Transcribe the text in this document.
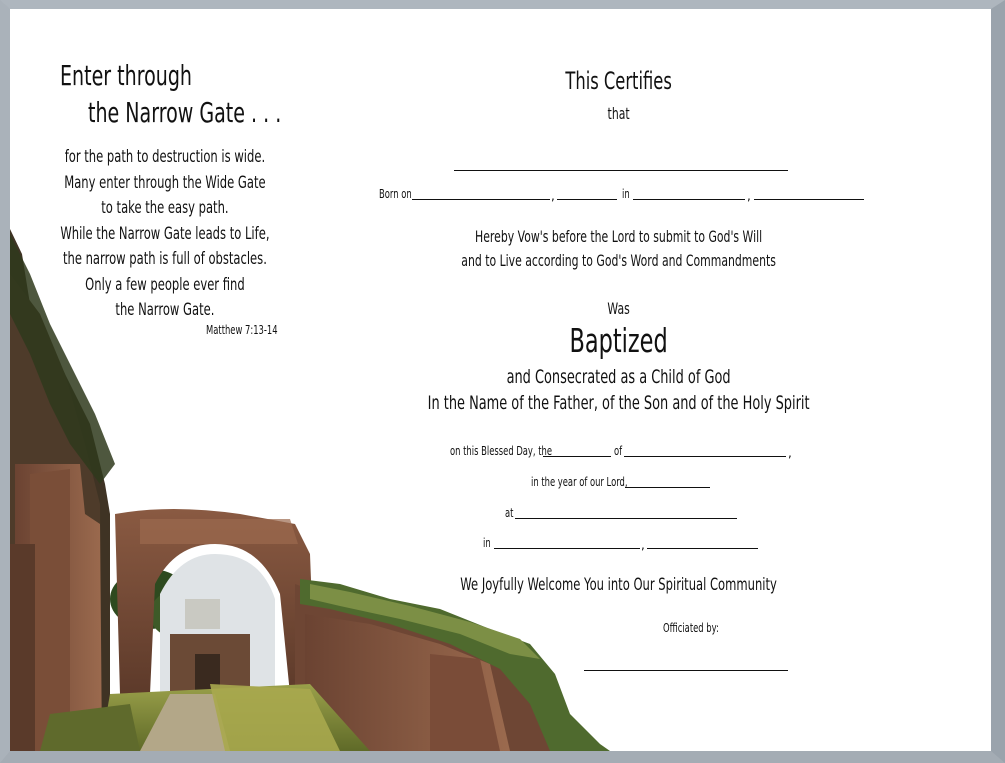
Enter through
the Narrow Gate . . .
for the path to destruction is wide.
Many enter through the Wide Gate
to take the easy path.
While the Narrow Gate leads to Life,
the narrow path is full of obstacles.
Only a few people ever find
the Narrow Gate.
Matthew 7:13-14
This Certifies
that
Born on	,	in	,
Hereby Vow's before the Lord to submit to God's Will
and to Live according to God's Word and Commandments
Was
Baptized
and Consecrated as a Child of God
In the Name of the Father, of the Son and of the Holy Spirit
on this Blessed Day, the	of	,
in the year of our Lord,
at
in	,
We Joyfully Welcome You into Our Spiritual Community
Officiated by:
